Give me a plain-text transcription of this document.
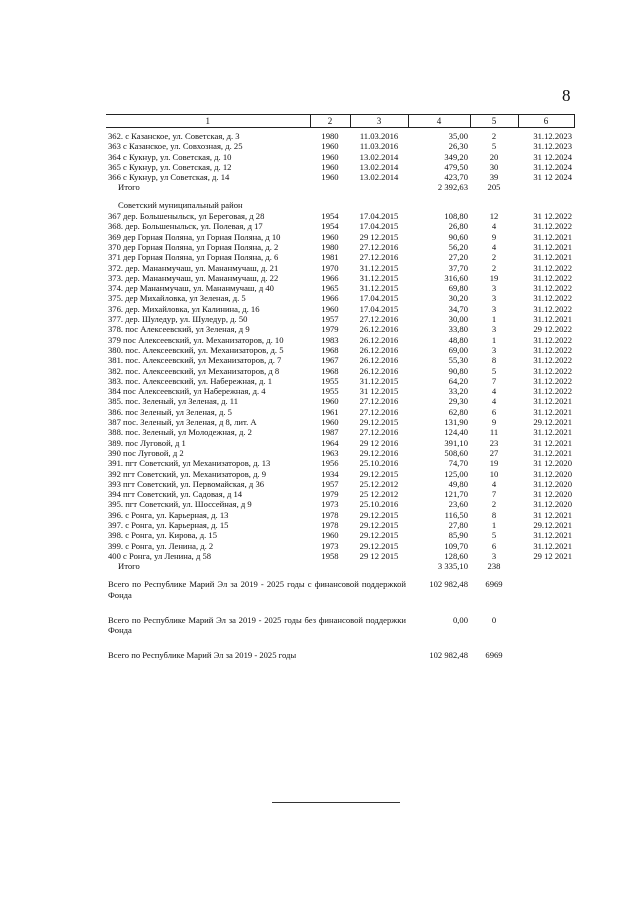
8
1	2	3	4	5	6	
362. с Казанское, ул. Советская, д. 3	1980	11.03.2016	35,00	2	31.12.2023	
363 с Казанское, ул. Совхозная, д. 25	1960	11.03.2016	26,30	5	31.12.2023	
364 с Кукнур, ул. Советская, д. 10	1960	13.02.2014	349,20	20	31 12.2024	
365 с Кукнур, ул. Советская, д. 12	1960	13.02.2014	479,50	30	31.12.2024	
366 с Кукнур, ул Советская, д. 14	1960	13.02.2014	423,70	39	31 12 2024	
Итого			2 392,63	205		

Советский муниципальный район						
367 дер. Большеныльск, ул Береговая, д 28	1954	17.04.2015	108,80	12	31 12.2022	
368. дер. Большеныльск, ул. Полевая, д 17	1954	17.04.2015	26,80	4	31.12.2022	
369 дер Горная Поляна, ул Горная Поляна, д 10	1960	29 12.2015	90,60	9	31.12.2021	
370 дер Горная Поляна, ул Горная Поляна, д. 2	1980	27.12.2016	56,20	4	31.12.2021	
371 дер Горная Поляна, ул Горная Поляна, д. 6	1981	27.12.2016	27,20	2	31.12.2021	
372. дер. Мананмучаш, ул. Мананмучаш, д. 21	1970	31.12.2015	37,70	2	31.12.2022	
373. дер. Мананмучаш, ул. Мананмучаш, д. 22	1966	31.12.2015	316,60	19	31.12.2022	
374. дер Мананмучаш, ул. Мананмучаш, д 40	1965	31.12.2015	69,80	3	31.12.2022	
375. дер Михайловка, ул Зеленая, д. 5	1966	17.04.2015	30,20	3	31.12.2022	
376. дер. Михайловка, ул Калинина, д. 16	1960	17.04.2015	34,70	3	31.12.2022	
377. дер. Шуледур, ул. Шуледур, д. 50	1957	27.12.2016	30,00	1	31.12.2021	
378. пос Алексеевский, ул Зеленая, д 9	1979	26.12.2016	33,80	3	29 12.2022	
379 пос Алексеевский, ул. Механизаторов, д. 10	1983	26.12.2016	48,80	1	31.12.2022	
380. пос. Алексеевский, ул. Механизаторов, д. 5	1968	26.12.2016	69,00	3	31.12.2022	
381. пос. Алексеевский, ул Механизаторов, д. 7	1967	26.12.2016	55,30	8	31.12.2022	
382. пос. Алексеевский, ул Механизаторов, д 8	1968	26.12.2016	90,80	5	31.12.2022	
383. пос. Алексеевский, ул. Набережная, д. 1	1955	31.12.2015	64,20	7	31.12.2022	
384 пос Алексеевский, ул Набережная, д. 4	1955	31 12.2015	33,20	4	31.12.2022	
385. пос. Зеленый, ул Зеленая, д. 11	1960	27.12.2016	29,30	4	31.12.2021	
386. пос Зеленый, ул Зеленая, д. 5	1961	27.12.2016	62,80	6	31.12.2021	
387 пос. Зеленый, ул Зеленая, д 8, лит. А	1960	29.12.2015	131,90	9	29.12.2021	
388. пос. Зеленый, ул Молодежная, д. 2	1987	27.12.2016	124,40	11	31.12.2021	
389. пос Луговой, д 1	1964	29 12 2016	391,10	23	31 12.2021	
390 пос Луговой, д 2	1963	29.12.2016	508,60	27	31.12.2021	
391. пгт Советский, ул Механизаторов, д. 13	1956	25.10.2016	74,70	19	31 12.2020	
392 пгт Советский, ул. Механизаторов, д. 9	1934	29.12.2015	125,00	10	31.12.2020	
393 пгт Советский, ул. Первомайская, д 36	1957	25.12.2012	49,80	4	31.12.2020	
394 пгт Советский, ул. Садовая, д 14	1979	25 12.2012	121,70	7	31 12.2020	
395. пгт Советский, ул. Шоссейная, д 9	1973	25.10.2016	23,60	2	31.12.2020	
396. с Ронга, ул. Карьерная, д. 13	1978	29.12.2015	116,50	8	31 12.2021	
397. с Ронга, ул. Карьерная, д. 15	1978	29.12.2015	27,80	1	29.12.2021	
398. с Ронга, ул. Кирова, д. 15	1960	29.12.2015	85,90	5	31.12.2021	
399. с Ронга, ул. Ленина, д. 2	1973	29.12.2015	109,70	6	31.12.2021	
400 с Ронга, ул Ленина, д 58	1958	29 12 2015	128,60	3	29 12 2021	
Итого			3 335,10	238		
Всего по Республике Марий Эл за 2019 - 2025 годы с финансовой поддержкой Фонда			102 982,48	6969		
Всего по Республике Марий Эл за 2019 - 2025 годы без финансовой поддержки Фонда			0,00	0		
Всего по Республике Марий Эл за 2019 - 2025 годы			102 982,48	6969		
